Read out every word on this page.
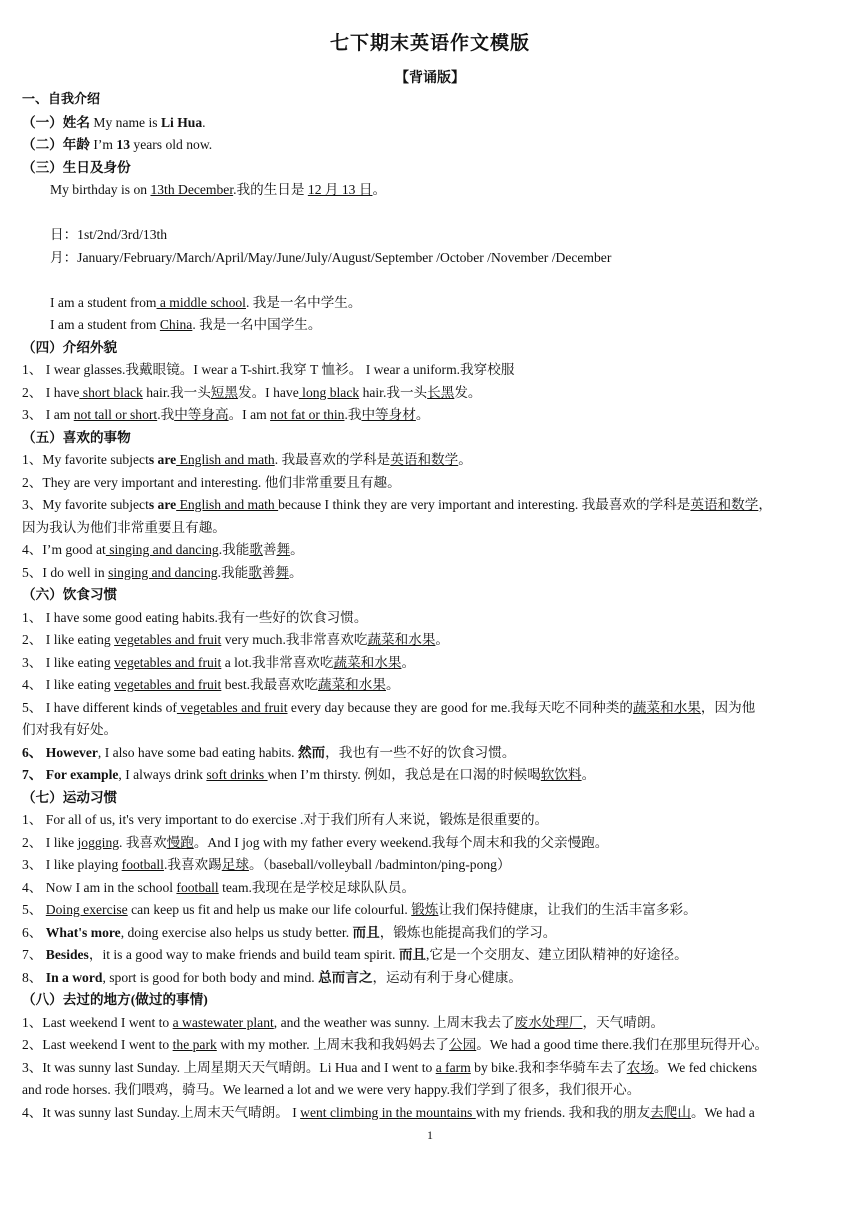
七下期末英语作文模版
【背诵版】
一、自我介绍
（一）姓名 My name is Li Hua.
（二）年龄 I’m 13 years old now.
（三）生日及身份
My birthday is on 13th December.我的生日是 12 月 13 日。
日：1st/2nd/3rd/13th
月：January/February/March/April/May/June/July/August/September /October /November /December
I am a student from a middle school. 我是一名中学生。
I am a student from China. 我是一名中国学生。
（四）介绍外貌
1、 I wear glasses.我戴眼镜。I wear a T-shirt.我穿 T 恤衫。 I wear a uniform.我穿校服
2、 I have short black hair.我一头短黑发。I have long black hair.我一头长黑发。
3、 I am not tall or short.我中等身高。I am not fat or thin.我中等身材。
（五）喜欢的事物
1、My favorite subjects are English and math. 我最喜欢的学科是英语和数学。
2、They are very important and interesting. 他们非常重要且有趣。
3、My favorite subjects are English and math because I think they are very important and interesting. 我最喜欢的学科是英语和数学，
因为我认为他们非常重要且有趣。
4、I’m good at singing and dancing.我能歌善舞。
5、I do well in singing and dancing.我能歌善舞。
（六）饮食习惯
1、 I have some good eating habits.我有一些好的饮食习惯。
2、 I like eating vegetables and fruit very much.我非常喜欢吃蔬菜和水果。
3、 I like eating vegetables and fruit a lot.我非常喜欢吃蔬菜和水果。
4、 I like eating vegetables and fruit best.我最喜欢吃蔬菜和水果。
5、 I have different kinds of vegetables and fruit every day because they are good for me.我每天吃不同种类的蔬菜和水果，因为他
们对我有好处。
6、 However, I also have some bad eating habits. 然而，我也有一些不好的饮食习惯。
7、 For example, I always drink soft drinks when I’m thirsty. 例如，我总是在口渴的时候喝软饮料。
（七）运动习惯
1、 For all of us, it's very important to do exercise .对于我们所有人来说，锻炼是很重要的。
2、 I like jogging. 我喜欢慢跑。And I jog with my father every weekend.我每个周末和我的父亲慢跑。
3、 I like playing football.我喜欢踢足球。（baseball/volleyball /badminton/ping-pong）
4、 Now I am in the school football team.我现在是学校足球队队员。
5、 Doing exercise can keep us fit and help us make our life colourful. 锻炼让我们保持健康，让我们的生活丰富多彩。
6、 What's more, doing exercise also helps us study better. 而且，锻炼也能提高我们的学习。
7、 Besides，it is a good way to make friends and build team spirit. 而且,它是一个交朋友、建立团队精神的好途径。
8、 In a word, sport is good for both body and mind. 总而言之，运动有利于身心健康。
（八）去过的地方(做过的事情)
1、Last weekend I went to a wastewater plant, and the weather was sunny. 上周末我去了废水处理厂，天气晴朗。
2、Last weekend I went to the park with my mother. 上周末我和我妈妈去了公园。We had a good time there.我们在那里玩得开心。
3、It was sunny last Sunday. 上周星期天天气晴朗。Li Hua and I went to a farm by bike.我和李华骑车去了农场。We fed chickens
and rode horses. 我们喂鸡，骑马。We learned a lot and we were very happy.我们学到了很多，我们很开心。
4、It was sunny last Sunday.上周末天气晴朗。 I went climbing in the mountains with my friends. 我和我的朋友去爬山。We had a
1
